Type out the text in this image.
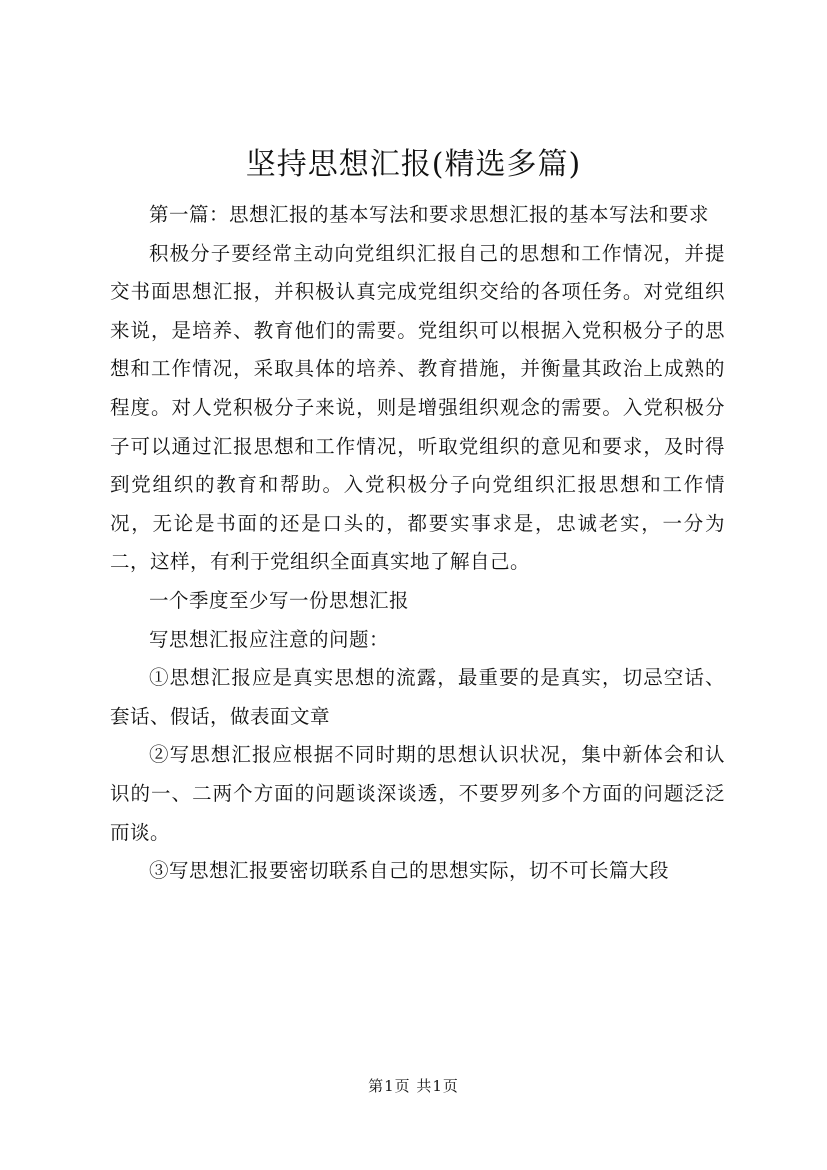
坚持思想汇报(精选多篇)

第一篇：思想汇报的基本写法和要求思想汇报的基本写法和要求

积极分子要经常主动向党组织汇报自己的思想和工作情况，并提交书面思想汇报，并积极认真完成党组织交给的各项任务。对党组织来说，是培养、教育他们的需要。党组织可以根据入党积极分子的思想和工作情况，采取具体的培养、教育措施，并衡量其政治上成熟的程度。对人党积极分子来说，则是增强组织观念的需要。入党积极分子可以通过汇报思想和工作情况，听取党组织的意见和要求，及时得到党组织的教育和帮助。入党积极分子向党组织汇报思想和工作情况，无论是书面的还是口头的，都要实事求是，忠诚老实，一分为二，这样，有利于党组织全面真实地了解自己。

一个季度至少写一份思想汇报

写思想汇报应注意的问题：

①思想汇报应是真实思想的流露，最重要的是真实，切忌空话、套话、假话，做表面文章

②写思想汇报应根据不同时期的思想认识状况，集中新体会和认识的一、二两个方面的问题谈深谈透，不要罗列多个方面的问题泛泛而谈。

③写思想汇报要密切联系自己的思想实际，切不可长篇大段

第1页 共1页
